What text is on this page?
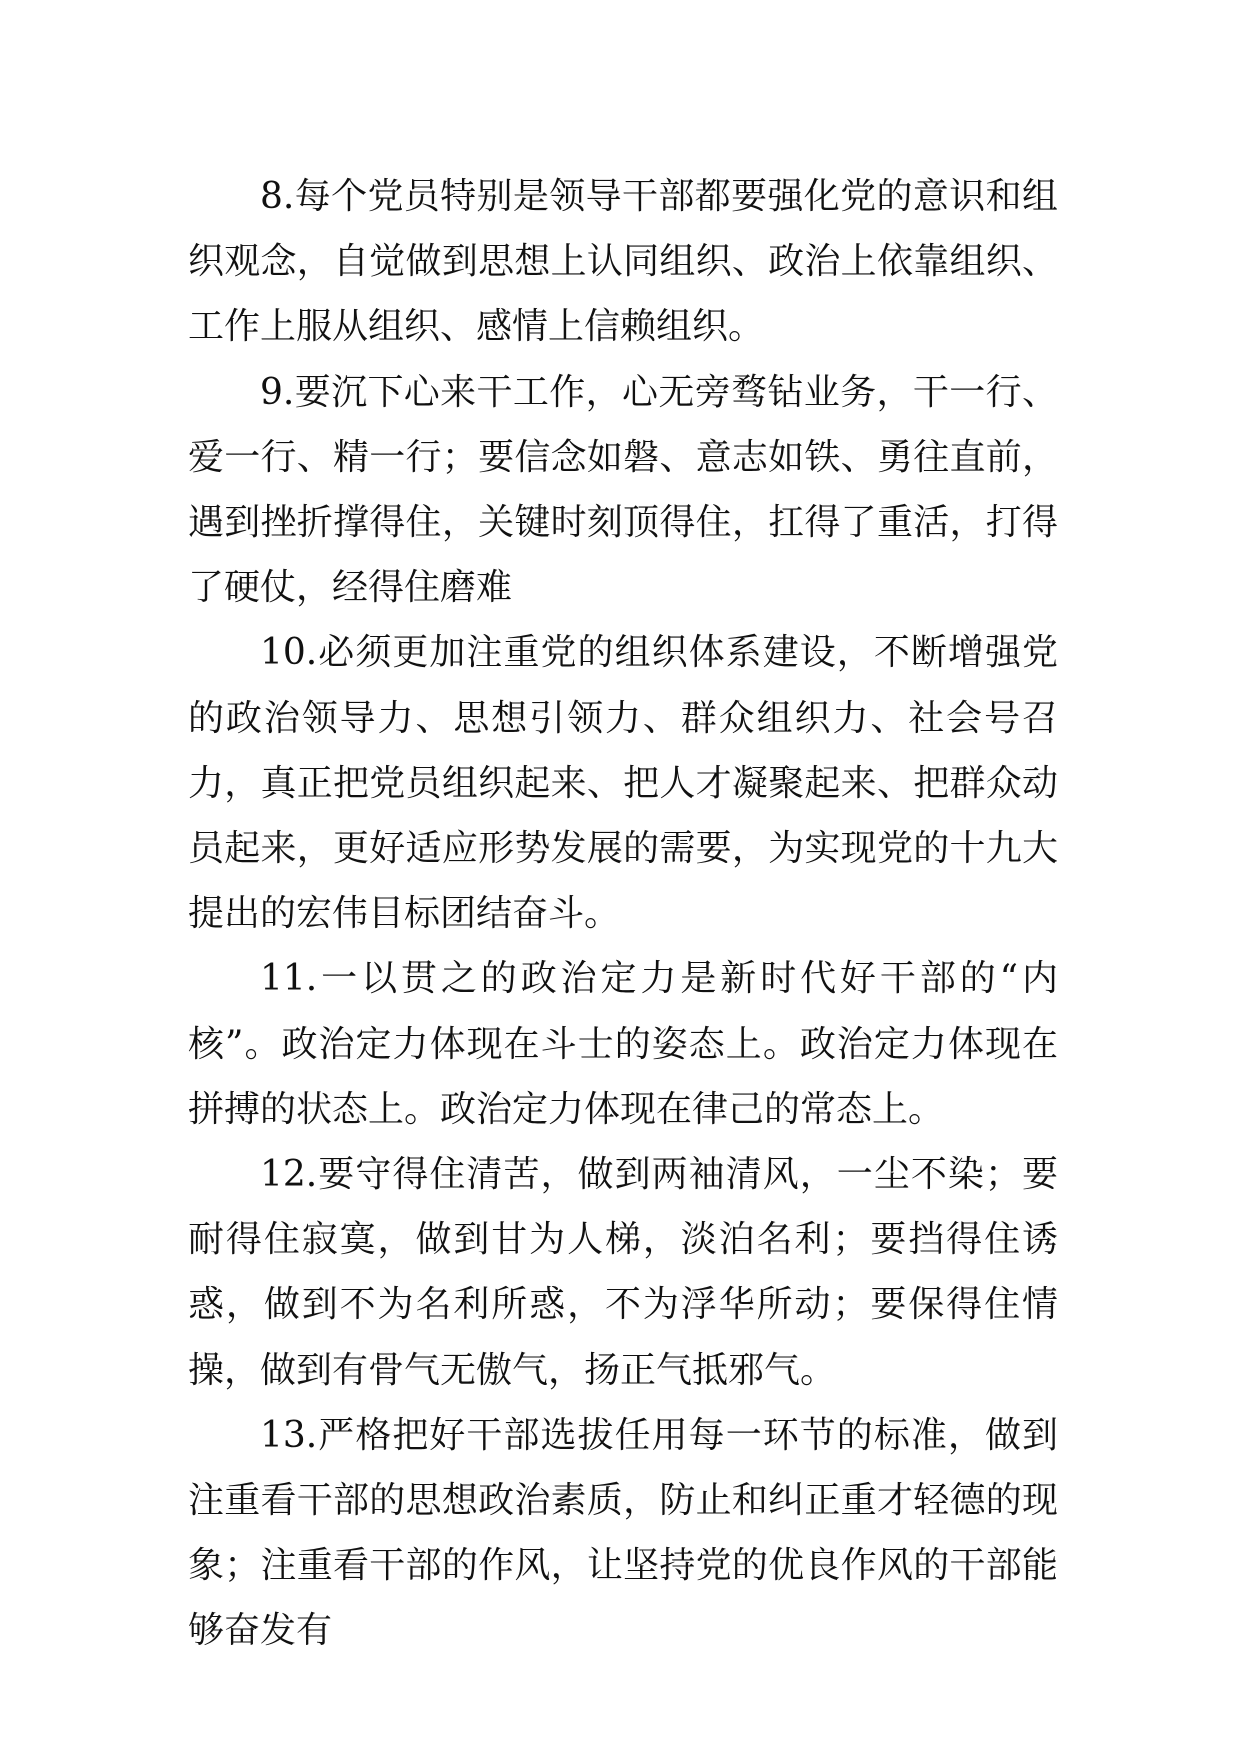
8.每个党员特别是领导干部都要强化党的意识和组织观念，自觉做到思想上认同组织、政治上依靠组织、工作上服从组织、感情上信赖组织。

9.要沉下心来干工作，心无旁骛钻业务，干一行、爱一行、精一行；要信念如磐、意志如铁、勇往直前，遇到挫折撑得住，关键时刻顶得住，扛得了重活，打得了硬仗，经得住磨难

10.必须更加注重党的组织体系建设，不断增强党的政治领导力、思想引领力、群众组织力、社会号召力，真正把党员组织起来、把人才凝聚起来、把群众动员起来，更好适应形势发展的需要，为实现党的十九大提出的宏伟目标团结奋斗。

11.一以贯之的政治定力是新时代好干部的“内核”。政治定力体现在斗士的姿态上。政治定力体现在拼搏的状态上。政治定力体现在律己的常态上。

12.要守得住清苦，做到两袖清风，一尘不染；要耐得住寂寞，做到甘为人梯，淡泊名利；要挡得住诱惑，做到不为名利所惑，不为浮华所动；要保得住情操，做到有骨气无傲气，扬正气抵邪气。

13.严格把好干部选拔任用每一环节的标准，做到注重看干部的思想政治素质，防止和纠正重才轻德的现象；注重看干部的作风，让坚持党的优良作风的干部能够奋发有
